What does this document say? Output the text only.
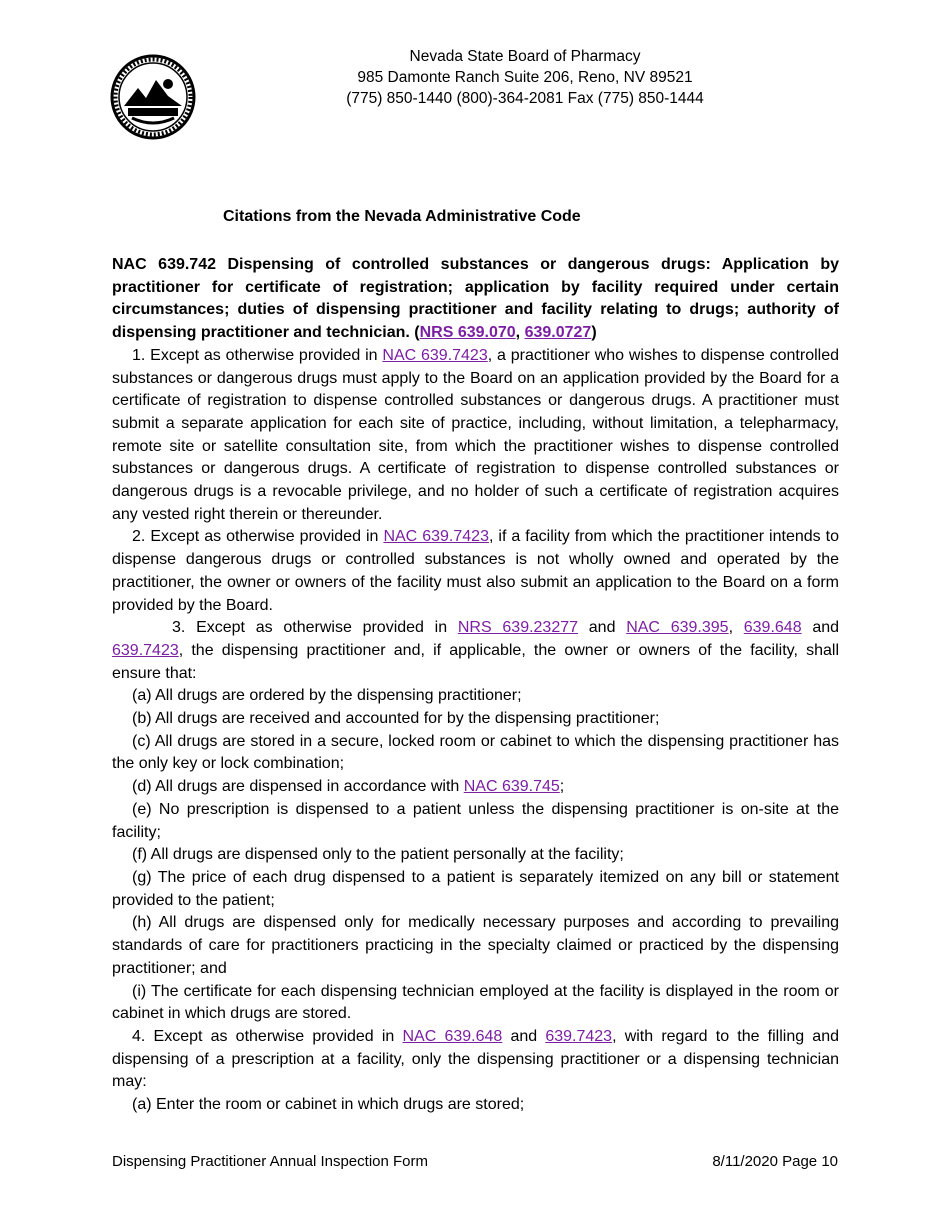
Nevada State Board of Pharmacy
985 Damonte Ranch Suite 206, Reno, NV 89521
(775) 850-1440 (800)-364-2081 Fax (775) 850-1444
Citations from the Nevada Administrative Code

NAC 639.742 Dispensing of controlled substances or dangerous drugs: Application by practitioner for certificate of registration; application by facility required under certain circumstances; duties of dispensing practitioner and facility relating to drugs; authority of dispensing practitioner and technician. (NRS 639.070, 639.0727)

1. Except as otherwise provided in NAC 639.7423, a practitioner who wishes to dispense controlled substances or dangerous drugs must apply to the Board on an application provided by the Board for a certificate of registration to dispense controlled substances or dangerous drugs. A practitioner must submit a separate application for each site of practice, including, without limitation, a telepharmacy, remote site or satellite consultation site, from which the practitioner wishes to dispense controlled substances or dangerous drugs. A certificate of registration to dispense controlled substances or dangerous drugs is a revocable privilege, and no holder of such a certificate of registration acquires any vested right therein or thereunder.

2. Except as otherwise provided in NAC 639.7423, if a facility from which the practitioner intends to dispense dangerous drugs or controlled substances is not wholly owned and operated by the practitioner, the owner or owners of the facility must also submit an application to the Board on a form provided by the Board.

3. Except as otherwise provided in NRS 639.23277 and NAC 639.395, 639.648 and 639.7423, the dispensing practitioner and, if applicable, the owner or owners of the facility, shall ensure that:

(a) All drugs are ordered by the dispensing practitioner;

(b) All drugs are received and accounted for by the dispensing practitioner;

(c) All drugs are stored in a secure, locked room or cabinet to which the dispensing practitioner has the only key or lock combination;

(d) All drugs are dispensed in accordance with NAC 639.745;

(e) No prescription is dispensed to a patient unless the dispensing practitioner is on-site at the facility;

(f) All drugs are dispensed only to the patient personally at the facility;

(g) The price of each drug dispensed to a patient is separately itemized on any bill or statement provided to the patient;

(h) All drugs are dispensed only for medically necessary purposes and according to prevailing standards of care for practitioners practicing in the specialty claimed or practiced by the dispensing practitioner; and

(i) The certificate for each dispensing technician employed at the facility is displayed in the room or cabinet in which drugs are stored.

4. Except as otherwise provided in NAC 639.648 and 639.7423, with regard to the filling and dispensing of a prescription at a facility, only the dispensing practitioner or a dispensing technician may:

(a) Enter the room or cabinet in which drugs are stored;

Dispensing Practitioner Annual Inspection Form	8/11/2020 Page 10
